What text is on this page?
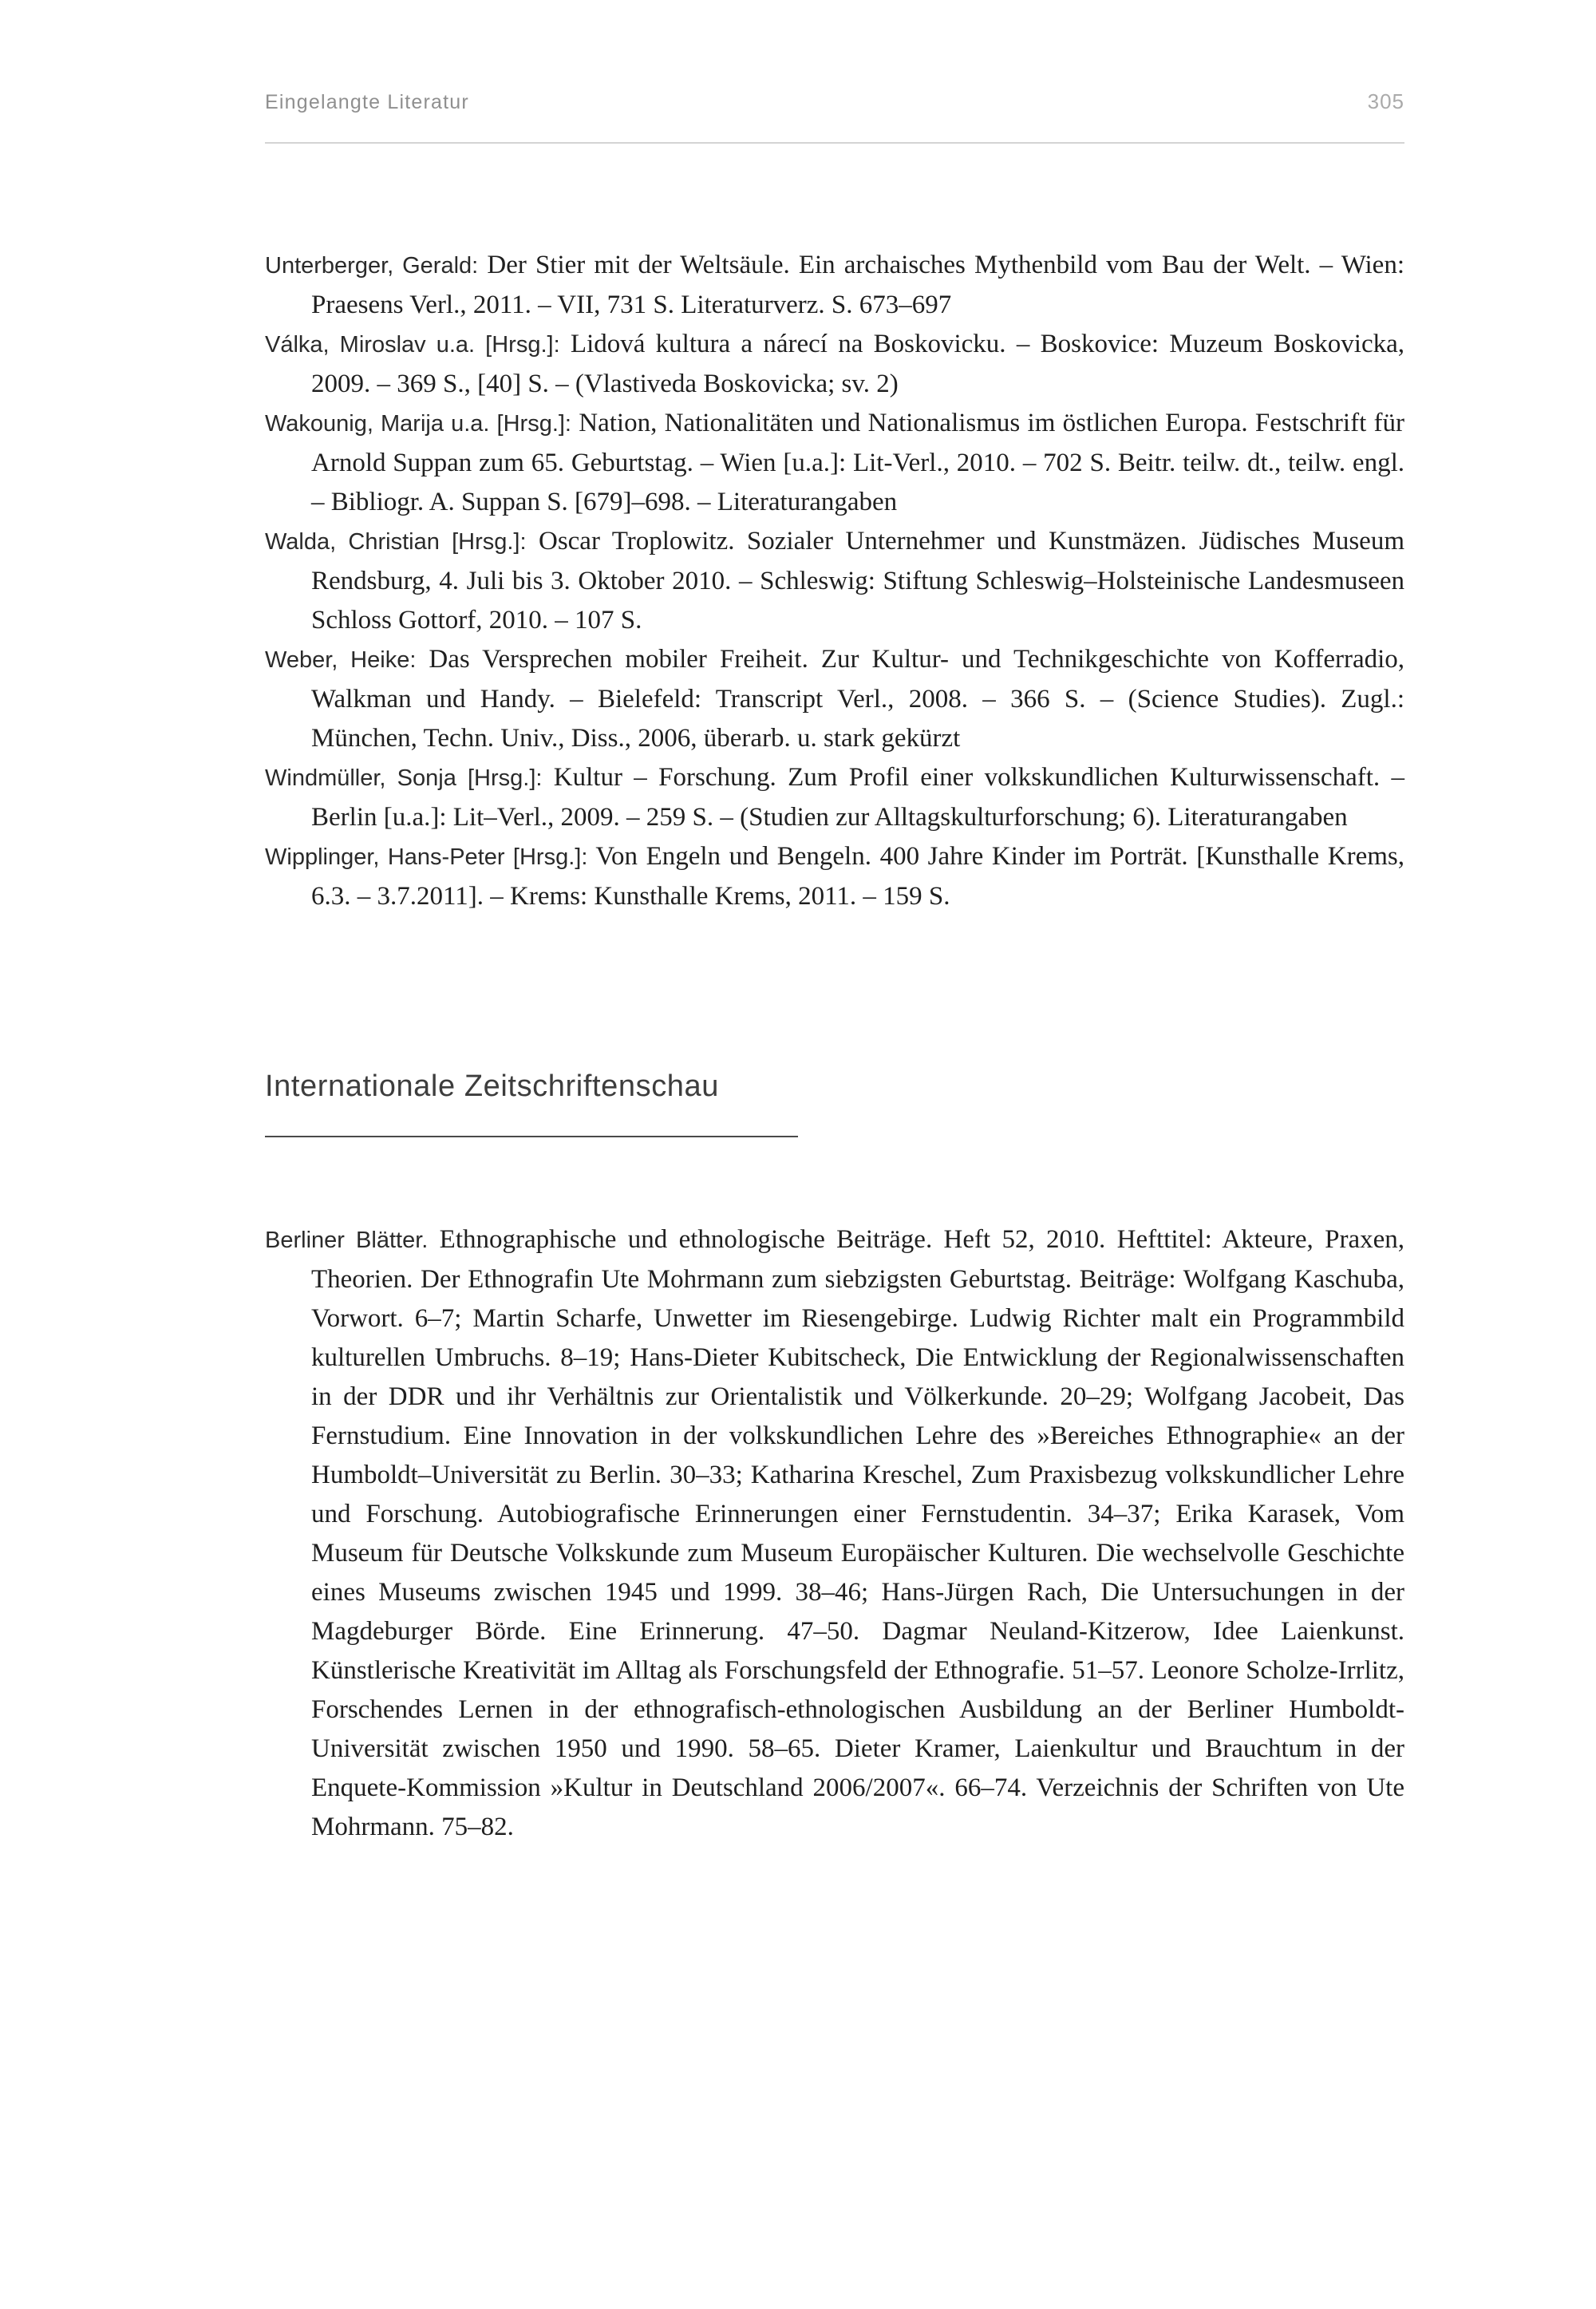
Eingelangte Literatur	305

Unterberger, Gerald: Der Stier mit der Weltsäule. Ein archaisches Mythenbild vom Bau der Welt. – Wien: Praesens Verl., 2011. – VII, 731 S. Literaturverz. S. 673–697

Válka, Miroslav u.a. [Hrsg.]: Lidová kultura a nárecí na Boskovicku. – Boskovice: Muzeum Boskovicka, 2009. – 369 S., [40] S. – (Vlastiveda Boskovicka; sv. 2)

Wakounig, Marija u.a. [Hrsg.]: Nation, Nationalitäten und Nationalismus im östlichen Europa. Festschrift für Arnold Suppan zum 65. Geburtstag. – Wien [u.a.]: Lit-Verl., 2010. – 702 S. Beitr. teilw. dt., teilw. engl. – Bibliogr. A. Suppan S. [679]–698. – Literaturangaben

Walda, Christian [Hrsg.]: Oscar Troplowitz. Sozialer Unternehmer und Kunstmäzen. Jüdisches Museum Rendsburg, 4. Juli bis 3. Oktober 2010. – Schleswig: Stiftung Schleswig–Holsteinische Landesmuseen Schloss Gottorf, 2010. – 107 S.

Weber, Heike: Das Versprechen mobiler Freiheit. Zur Kultur- und Technikgeschichte von Kofferradio, Walkman und Handy. – Bielefeld: Transcript Verl., 2008. – 366 S. – (Science Studies). Zugl.: München, Techn. Univ., Diss., 2006, überarb. u. stark gekürzt

Windmüller, Sonja [Hrsg.]: Kultur – Forschung. Zum Profil einer volkskundlichen Kulturwissenschaft. – Berlin [u.a.]: Lit–Verl., 2009. – 259 S. – (Studien zur Alltagskulturforschung; 6). Literaturangaben

Wipplinger, Hans-Peter [Hrsg.]: Von Engeln und Bengeln. 400 Jahre Kinder im Porträt. [Kunsthalle Krems, 6.3. – 3.7.2011]. – Krems: Kunsthalle Krems, 2011. – 159 S.

Internationale Zeitschriftenschau

Berliner Blätter. Ethnographische und ethnologische Beiträge. Heft 52, 2010. Hefttitel: Akteure, Praxen, Theorien. Der Ethnografin Ute Mohrmann zum siebzigsten Geburtstag. Beiträge: Wolfgang Kaschuba, Vorwort. 6–7; Martin Scharfe, Unwetter im Riesengebirge. Ludwig Richter malt ein Programmbild kulturellen Umbruchs. 8–19; Hans-Dieter Kubitscheck, Die Entwicklung der Regionalwissenschaften in der DDR und ihr Verhältnis zur Orientalistik und Völkerkunde. 20–29; Wolfgang Jacobeit, Das Fernstudium. Eine Innovation in der volkskundlichen Lehre des »Bereiches Ethnographie« an der Humboldt–Universität zu Berlin. 30–33; Katharina Kreschel, Zum Praxisbezug volkskundlicher Lehre und Forschung. Autobiografische Erinnerungen einer Fernstudentin. 34–37; Erika Karasek, Vom Museum für Deutsche Volkskunde zum Museum Europäischer Kulturen. Die wechselvolle Geschichte eines Museums zwischen 1945 und 1999. 38–46; Hans-Jürgen Rach, Die Untersuchungen in der Magdeburger Börde. Eine Erinnerung. 47–50. Dagmar Neuland-Kitzerow, Idee Laienkunst. Künstlerische Kreativität im Alltag als Forschungsfeld der Ethnografie. 51–57. Leonore Scholze-Irrlitz, Forschendes Lernen in der ethnografisch-ethnologischen Ausbildung an der Berliner Humboldt-Universität zwischen 1950 und 1990. 58–65. Dieter Kramer, Laienkultur und Brauchtum in der Enquete-Kommission »Kultur in Deutschland 2006/2007«. 66–74. Verzeichnis der Schriften von Ute Mohrmann. 75–82.
